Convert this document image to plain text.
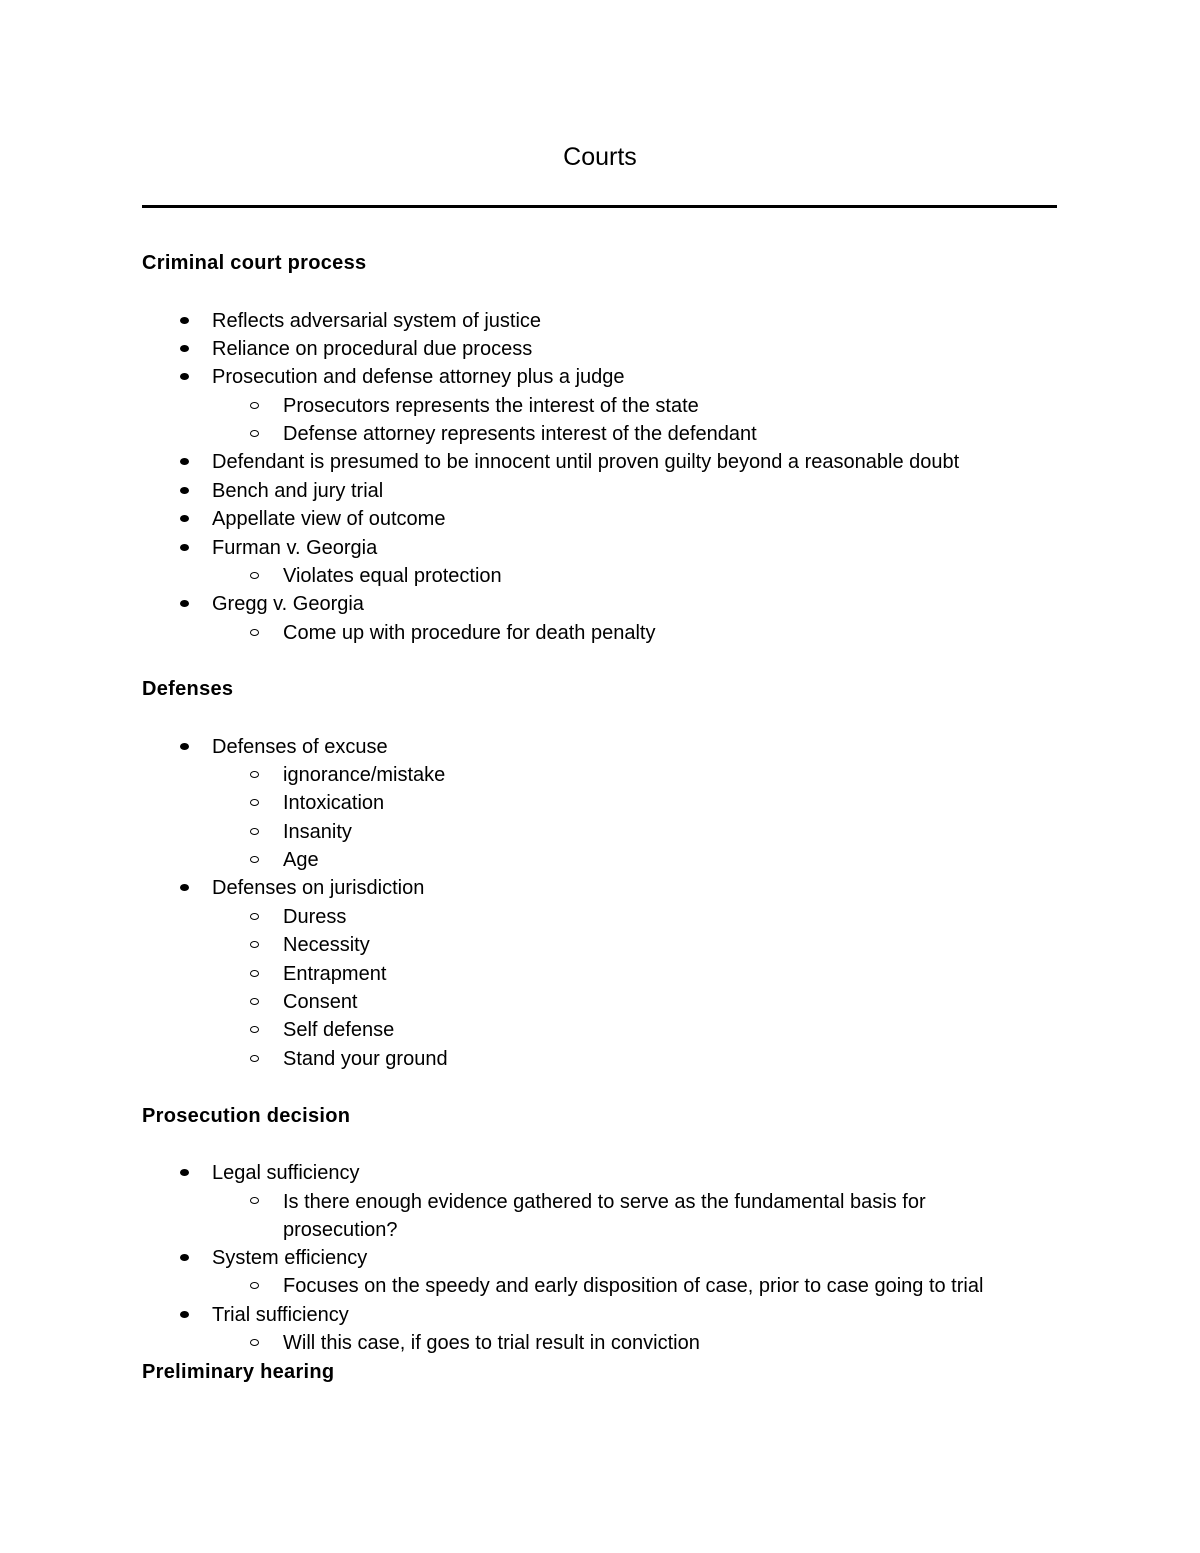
Courts
Criminal court process
Reflects adversarial system of justice
Reliance on procedural due process
Prosecution and defense attorney plus a judge
Prosecutors represents the interest of the state
Defense attorney represents interest of the defendant
Defendant is presumed to be innocent until proven guilty beyond a reasonable doubt
Bench and jury trial
Appellate view of outcome
Furman v. Georgia
Violates equal protection
Gregg v. Georgia
Come up with procedure for death penalty
Defenses
Defenses of excuse
ignorance/mistake
Intoxication
Insanity
Age
Defenses on jurisdiction
Duress
Necessity
Entrapment
Consent
Self defense
Stand your ground
Prosecution decision
Legal sufficiency
Is there enough evidence gathered to serve as the fundamental basis for prosecution?
System efficiency
Focuses on the speedy and early disposition of case, prior to case going to trial
Trial sufficiency
Will this case, if goes to trial result in conviction
Preliminary hearing
